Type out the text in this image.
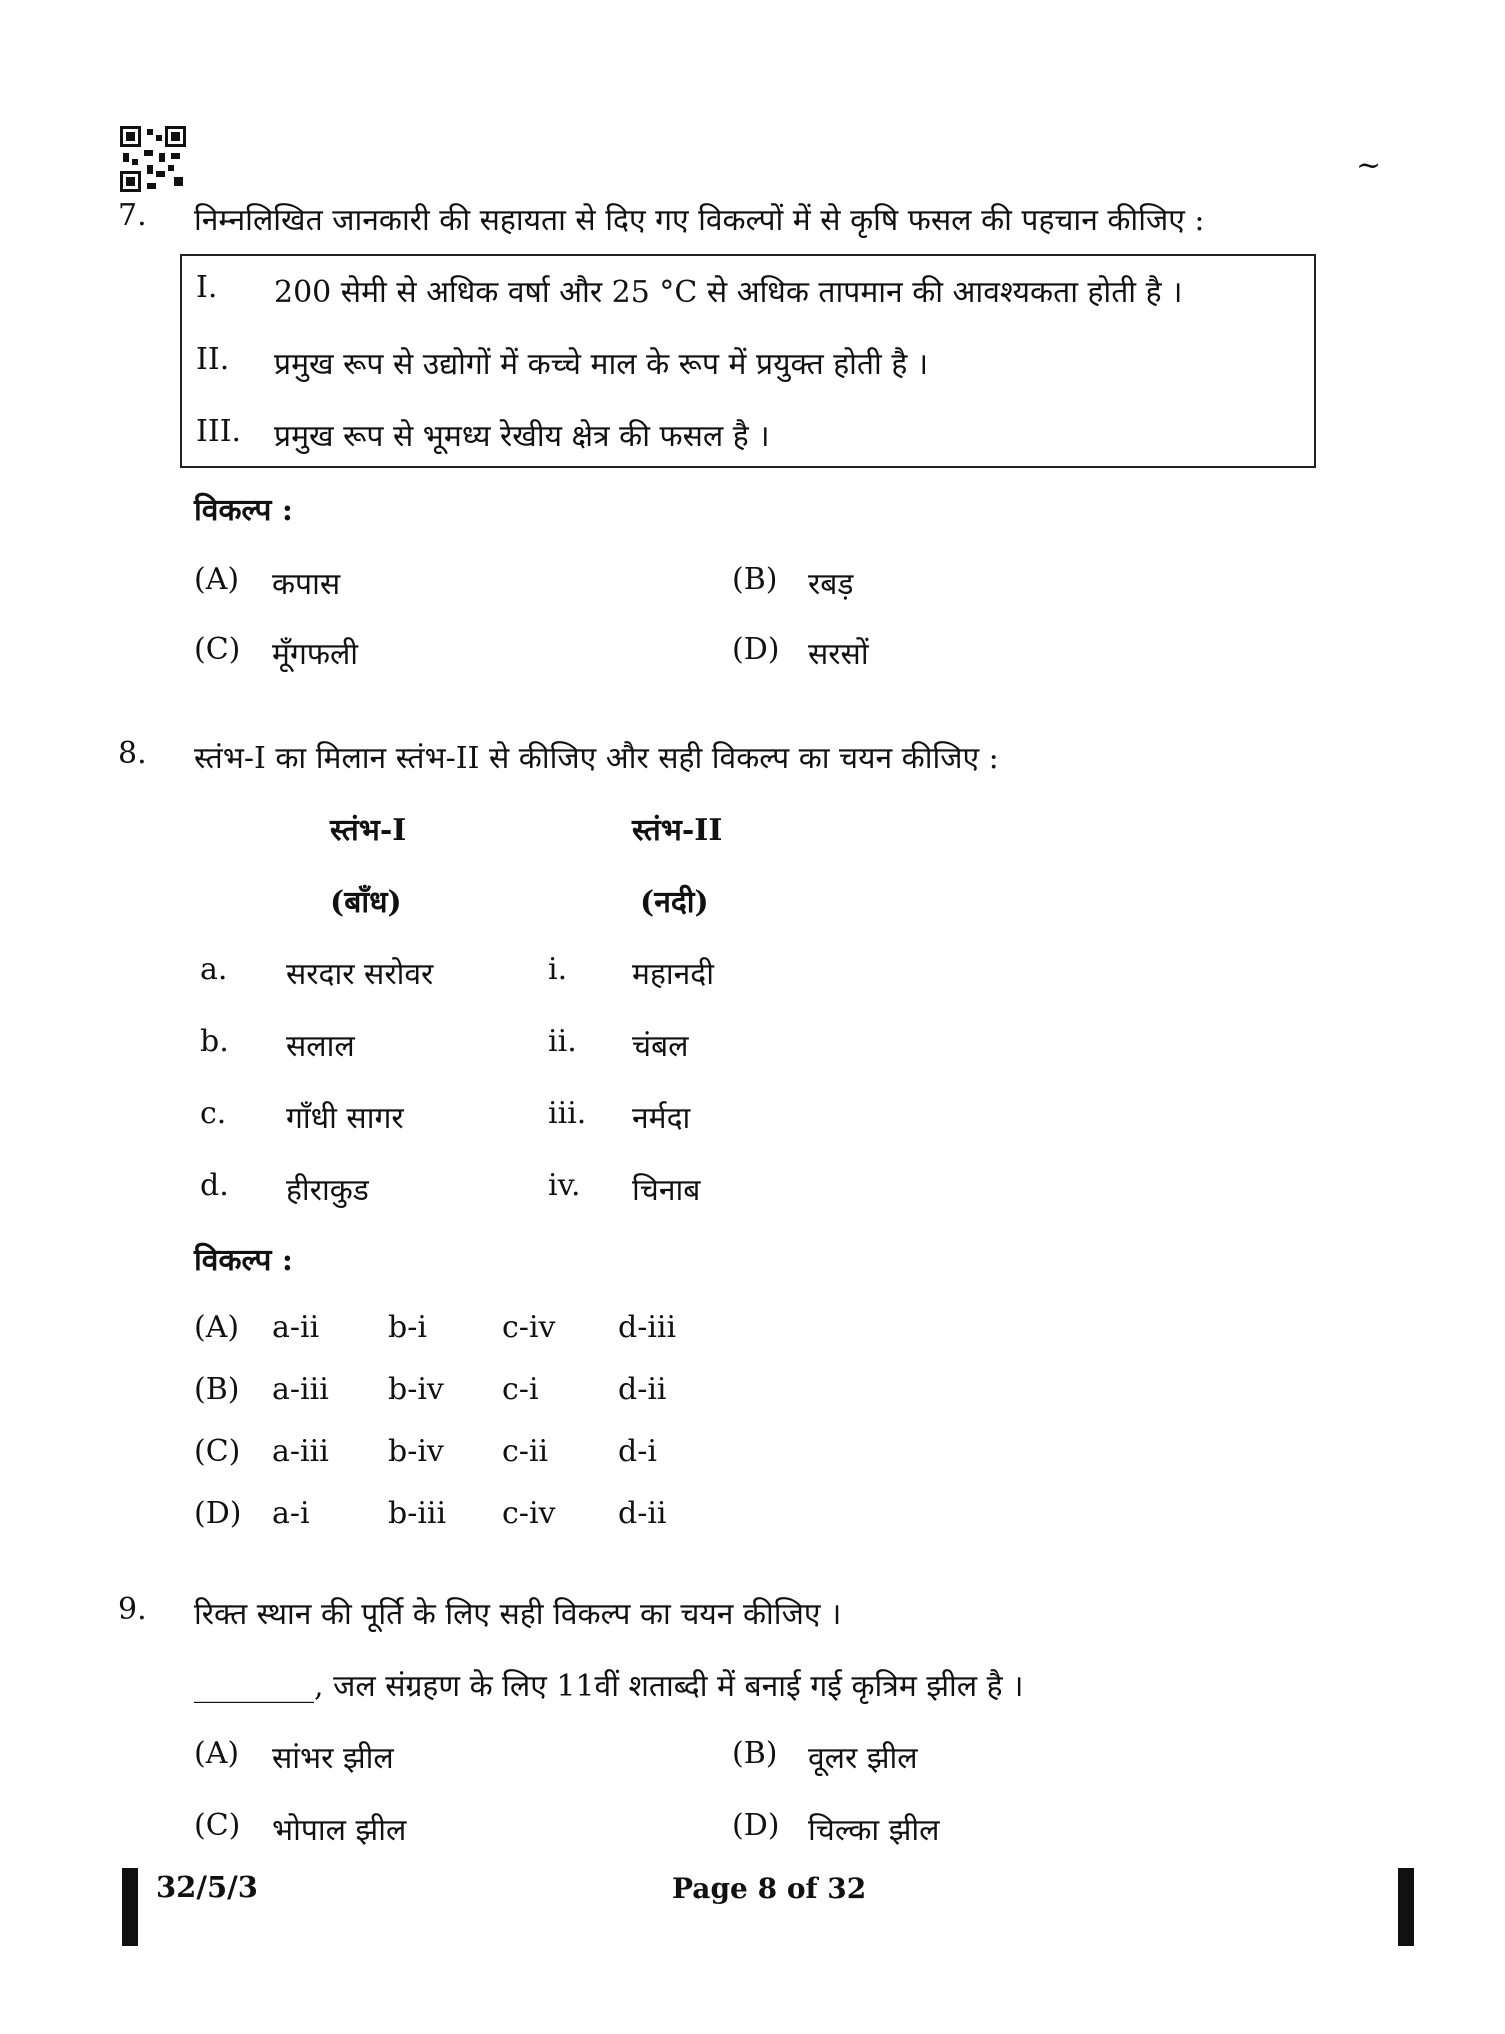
~
7. निम्नलिखित जानकारी की सहायता से दिए गए विकल्पों में से कृषि फसल की पहचान कीजिए :
I. 200 सेमी से अधिक वर्षा और 25 °C से अधिक तापमान की आवश्यकता होती है ।
II. प्रमुख रूप से उद्योगों में कच्चे माल के रूप में प्रयुक्त होती है ।
III. प्रमुख रूप से भूमध्य रेखीय क्षेत्र की फसल है ।
विकल्प :
(A) कपास	(B) रबड़
(C) मूँगफली	(D) सरसों
8. स्तंभ-I का मिलान स्तंभ-II से कीजिए और सही विकल्प का चयन कीजिए :
स्तंभ-I	स्तंभ-II
(बाँध)	(नदी)
a. सरदार सरोवर	i. महानदी
b. सलाल	ii. चंबल
c. गाँधी सागर	iii. नर्मदा
d. हीराकुड	iv. चिनाब
विकल्प :
(A) a-ii b-i	c-iv d-iii
(B) a-iii b-iv c-i	d-ii
(C) a-iii b-iv c-ii d-i
(D) a-i	b-iii c-iv d-ii
9. रिक्त स्थान की पूर्ति के लिए सही विकल्प का चयन कीजिए ।
________, जल संग्रहण के लिए 11वीं शताब्दी में बनाई गई कृत्रिम झील है ।
(A) सांभर झील	(B) वूलर झील
(C) भोपाल झील	(D) चिल्का झील
32/5/3	Page 8 of 32
